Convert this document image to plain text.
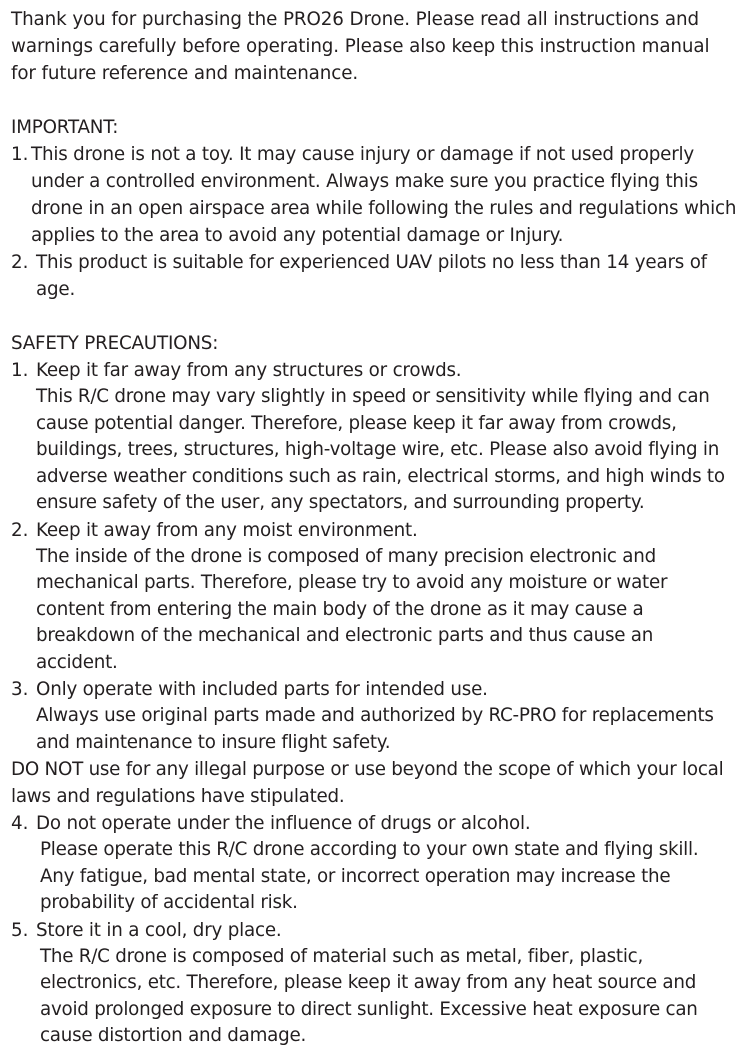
Thank you for purchasing the PRO26 Drone. Please read all instructions and warnings carefully before operating. Please also keep this instruction manual for future reference and maintenance.

IMPORTANT:

1. This drone is not a toy. It may cause injury or damage if not used properly under a controlled environment. Always make sure you practice flying this drone in an open airspace area while following the rules and regulations which applies to the area to avoid any potential damage or Injury.

2. This product is suitable for experienced UAV pilots no less than 14 years of age.

SAFETY PRECAUTIONS:

1. Keep it far away from any structures or crowds.

This R/C drone may vary slightly in speed or sensitivity while flying and can cause potential danger. Therefore, please keep it far away from crowds, buildings, trees, structures, high-voltage wire, etc. Please also avoid flying in adverse weather conditions such as rain, electrical storms, and high winds to ensure safety of the user, any spectators, and surrounding property.

2. Keep it away from any moist environment.

The inside of the drone is composed of many precision electronic and mechanical parts. Therefore, please try to avoid any moisture or water content from entering the main body of the drone as it may cause a breakdown of the mechanical and electronic parts and thus cause an accident.

3. Only operate with included parts for intended use.

Always use original parts made and authorized by RC-PRO for replacements and maintenance to insure flight safety.

DO NOT use for any illegal purpose or use beyond the scope of which your local laws and regulations have stipulated.

4. Do not operate under the influence of drugs or alcohol.

Please operate this R/C drone according to your own state and flying skill. Any fatigue, bad mental state, or incorrect operation may increase the probability of accidental risk.

5. Store it in a cool, dry place.

The R/C drone is composed of material such as metal, fiber, plastic, electronics, etc. Therefore, please keep it away from any heat source and avoid prolonged exposure to direct sunlight. Excessive heat exposure can cause distortion and damage.
